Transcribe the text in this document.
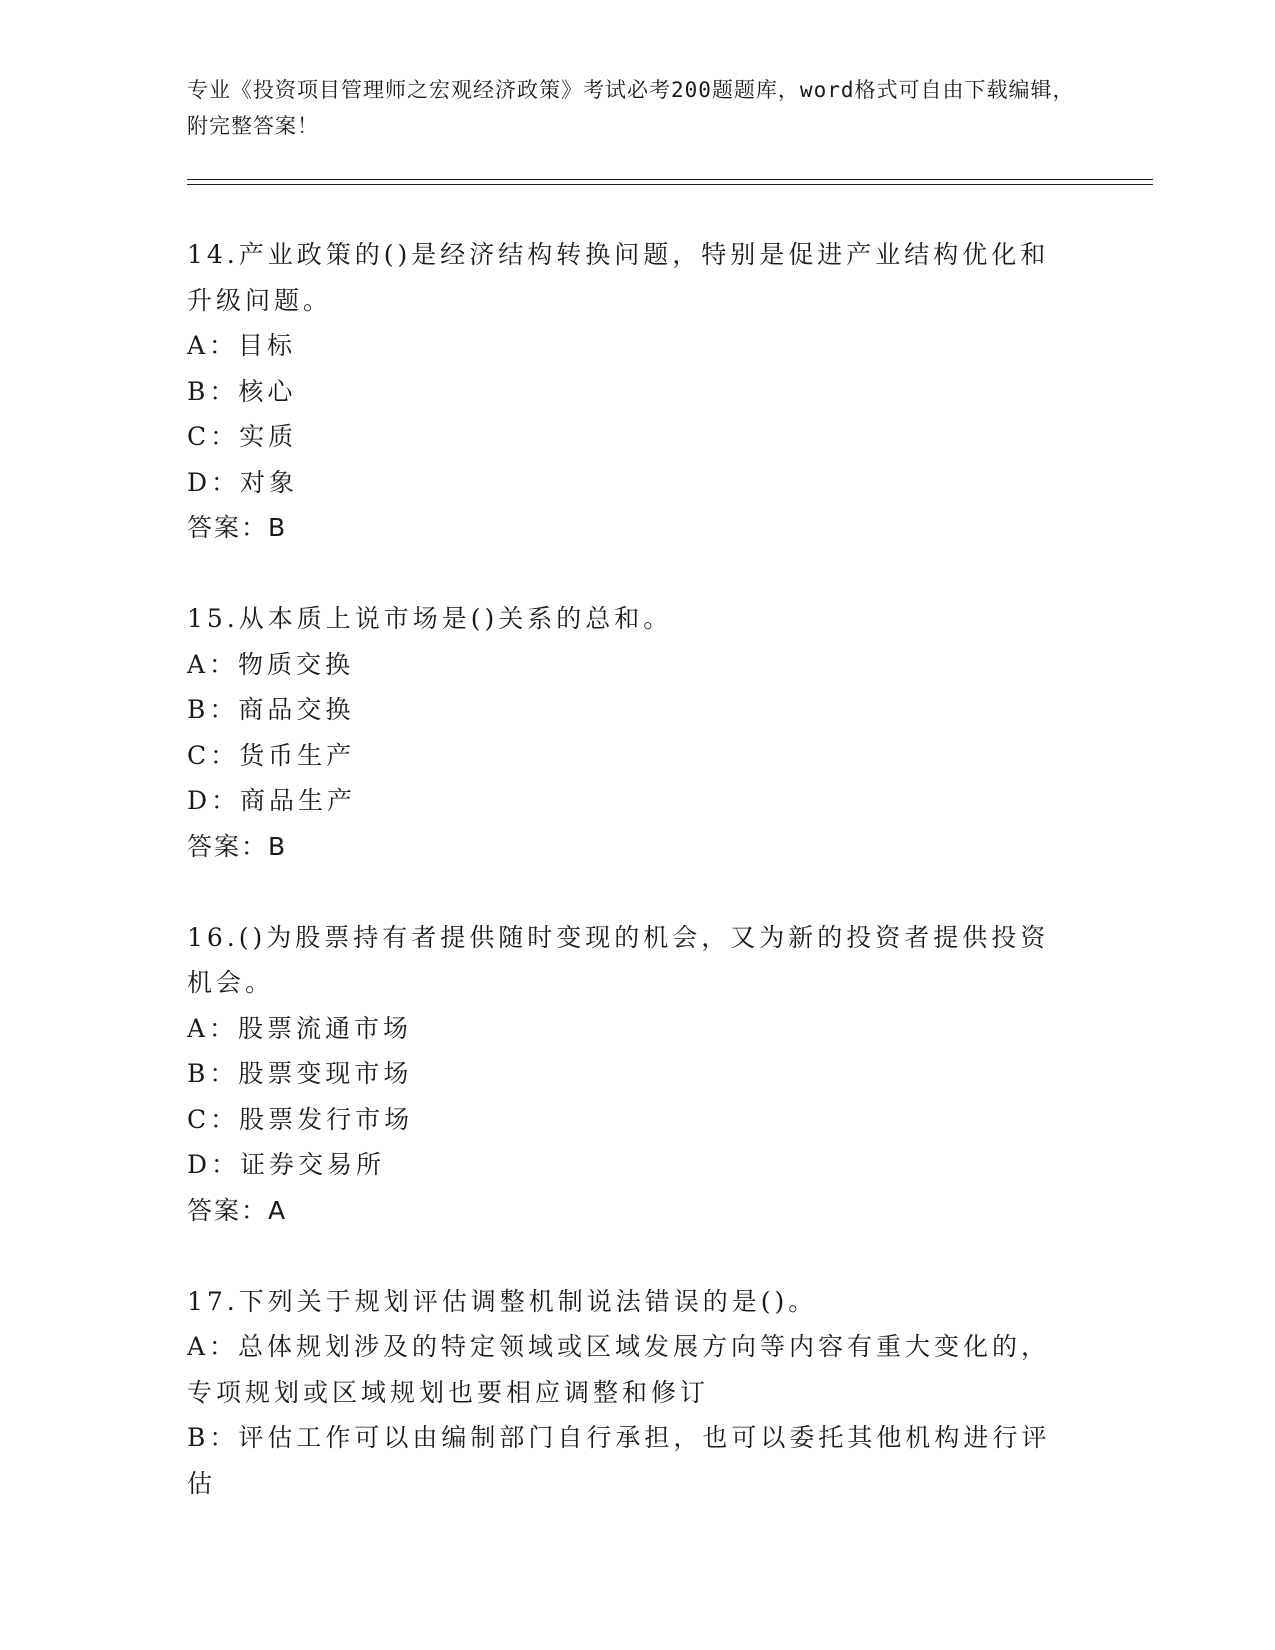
专业《投资项目管理师之宏观经济政策》考试必考200题题库，word格式可自由下载编辑，附完整答案！

14.产业政策的()是经济结构转换问题，特别是促进产业结构优化和升级问题。

A：目标

B：核心

C：实质

D：对象

答案：B

15.从本质上说市场是()关系的总和。

A：物质交换

B：商品交换

C：货币生产

D：商品生产

答案：B

16.()为股票持有者提供随时变现的机会，又为新的投资者提供投资机会。

A：股票流通市场

B：股票变现市场

C：股票发行市场

D：证券交易所

答案：A

17.下列关于规划评估调整机制说法错误的是()。

A：总体规划涉及的特定领域或区域发展方向等内容有重大变化的，专项规划或区域规划也要相应调整和修订

B：评估工作可以由编制部门自行承担，也可以委托其他机构进行评估
